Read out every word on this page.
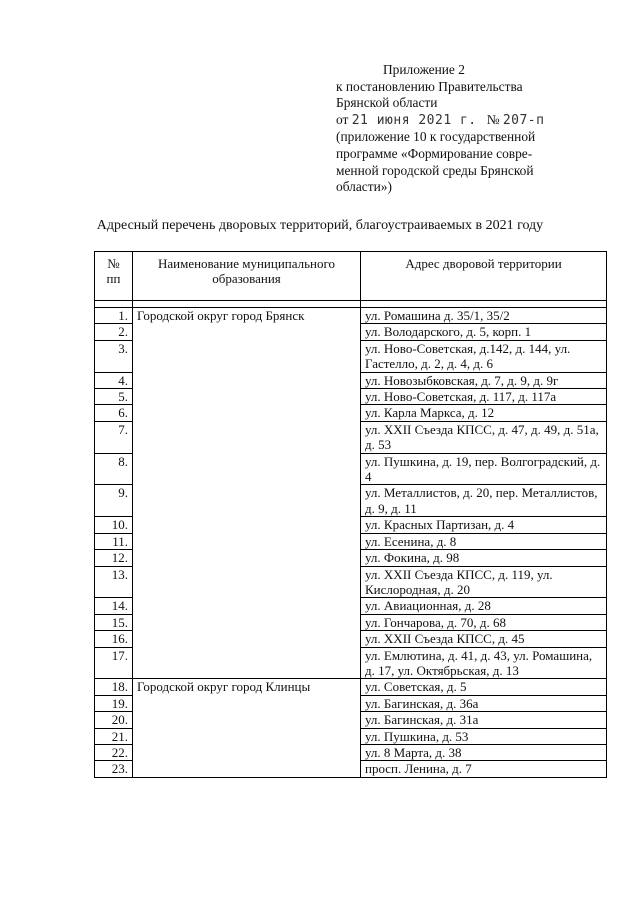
Приложение 2
к постановлению Правительства
Брянской области
от 21 июня 2021 г. № 207-п
(приложение 10 к государственной
программе «Формирование совре-
менной городской среды Брянской
области»)
Адресный перечень дворовых территорий, благоустраиваемых в 2021 году
№ пп	Наименование муниципального образования	Адрес дворовой территории

1.	Городской округ город Брянск	ул. Ромашина д. 35/1, 35/2
2.		ул. Володарского, д. 5, корп. 1
3.		ул. Ново-Советская, д.142, д. 144, ул. Гастелло, д. 2, д. 4, д. 6
4.		ул. Новозыбковская, д. 7, д. 9, д. 9г
5.		ул. Ново-Советская, д. 117, д. 117а
6.		ул. Карла Маркса, д. 12
7.		ул. XXII Съезда КПСС, д. 47, д. 49, д. 51а, д. 53
8.		ул. Пушкина, д. 19, пер. Волгоградский, д. 4
9.		ул. Металлистов, д. 20, пер. Металлистов, д. 9, д. 11
10.		ул. Красных Партизан, д. 4
11.		ул. Есенина, д. 8
12.		ул. Фокина, д. 98
13.		ул. XXII Съезда КПСС, д. 119, ул. Кислородная, д. 20
14.		ул. Авиационная, д. 28
15.		ул. Гончарова, д. 70, д. 68
16.		ул. XXII Съезда КПСС, д. 45
17.		ул. Емлютина, д. 41, д. 43, ул. Ромашина, д. 17, ул. Октябрьская, д. 13
18.	Городской округ город Клинцы	ул. Советская, д. 5
19.		ул. Багинская, д. 36а
20.		ул. Багинская, д. 31а
21.		ул. Пушкина, д. 53
22.		ул. 8 Марта, д. 38
23.		просп. Ленина, д. 7
